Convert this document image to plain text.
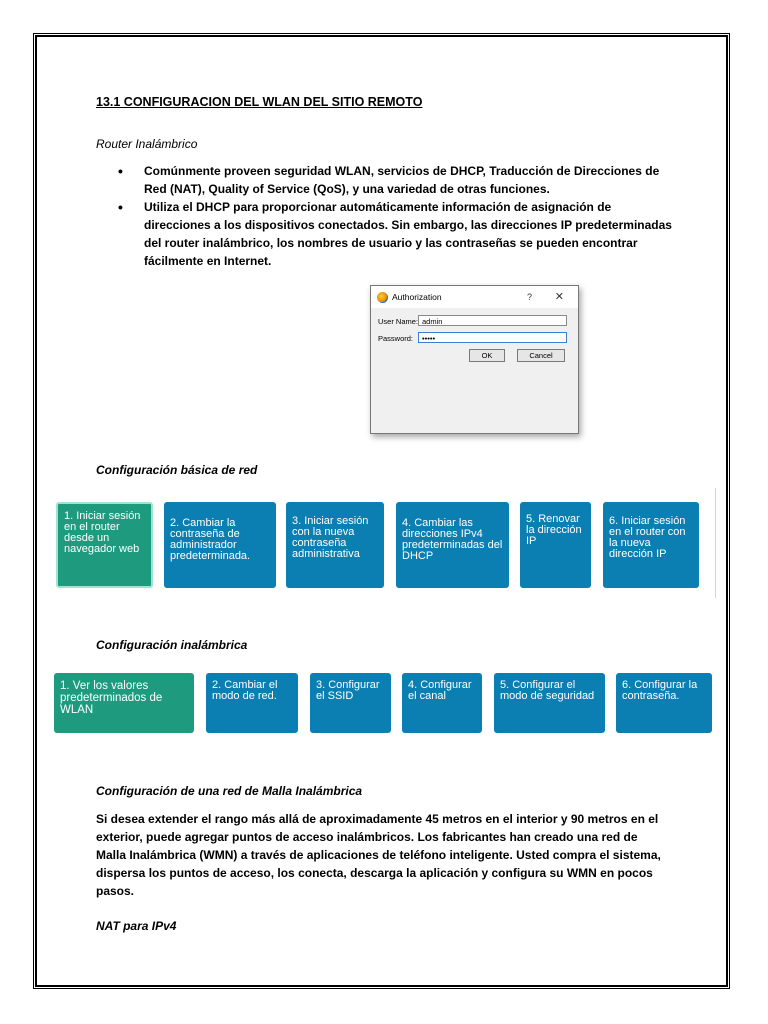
13.1 CONFIGURACION DEL WLAN DEL SITIO REMOTO
Router Inalámbrico
• Comúnmente proveen seguridad WLAN, servicios de DHCP, Traducción de Direcciones de Red (NAT), Quality of Service (QoS), y una variedad de otras funciones.
• Utiliza el DHCP para proporcionar automáticamente información de asignación de direcciones a los dispositivos conectados. Sin embargo, las direcciones IP predeterminadas del router inalámbrico, los nombres de usuario y las contraseñas se pueden encontrar fácilmente en Internet.
Authorization	? ✕
User Name: admin
Password:	•••••
OK	Cancel
Configuración básica de red
1. Iniciar sesión en el router desde un navegador web
2. Cambiar la contraseña de administrador predeterminada.
3. Iniciar sesión con la nueva contraseña administrativa
4. Cambiar las direcciones IPv4 predeterminadas del DHCP
5. Renovar la dirección IP
6. Iniciar sesión en el router con la nueva dirección IP
Configuración inalámbrica
1. Ver los valores predeterminados de WLAN
2. Cambiar el modo de red.
3. Configurar el SSID
4. Configurar el canal
5. Configurar el modo de seguridad
6. Configurar la contraseña.
Configuración de una red de Malla Inalámbrica
Si desea extender el rango más allá de aproximadamente 45 metros en el interior y 90 metros en el exterior, puede agregar puntos de acceso inalámbricos. Los fabricantes han creado una red de Malla Inalámbrica (WMN) a través de aplicaciones de teléfono inteligente. Usted compra el sistema, dispersa los puntos de acceso, los conecta, descarga la aplicación y configura su WMN en pocos pasos.
NAT para IPv4
